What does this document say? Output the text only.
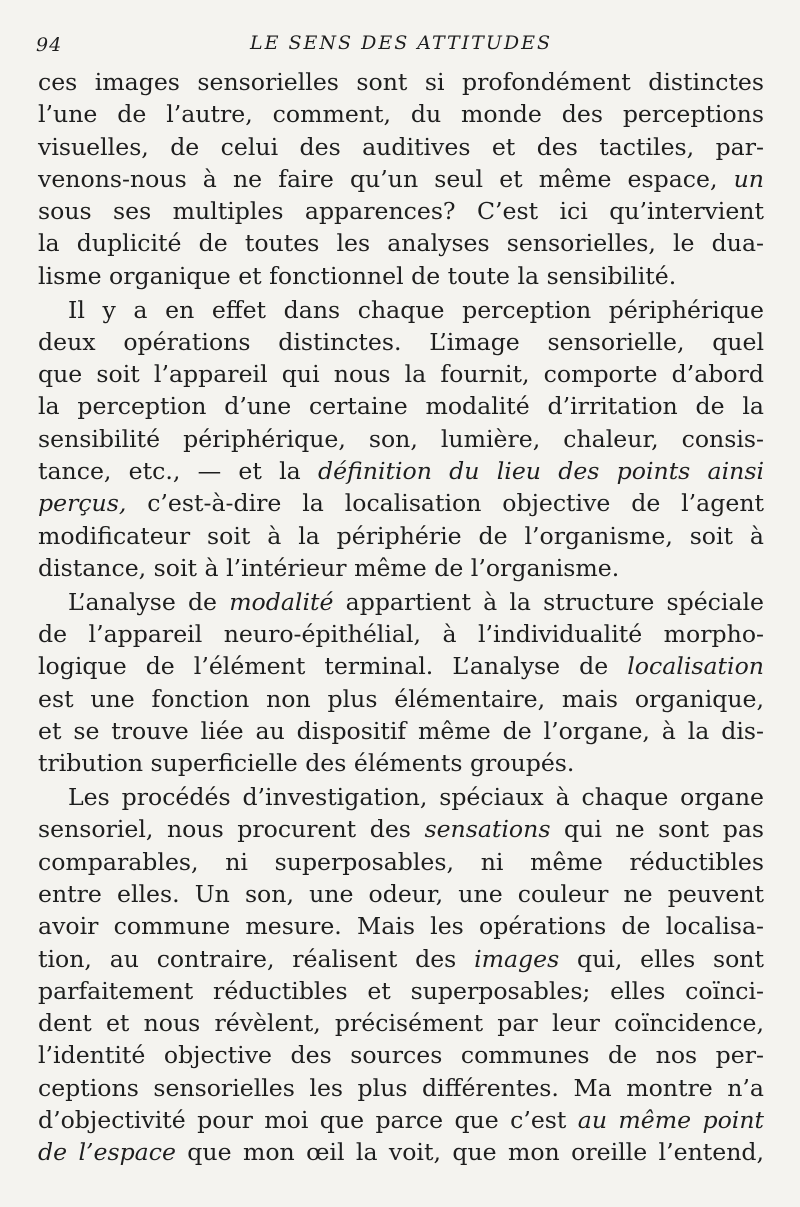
94	LE SENS DES ATTITUDES
ces images sensorielles sont si profondément distinctes
l’une de l’autre, comment, du monde des perceptions
visuelles, de celui des auditives et des tactiles, par-
venons-nous à ne faire qu’un seul et même espace, un
sous ses multiples apparences? C’est ici qu’intervient
la duplicité de toutes les analyses sensorielles, le dua-
lisme organique et fonctionnel de toute la sensibilité.
Il y a en effet dans chaque perception périphérique
deux opérations distinctes. L’image sensorielle, quel
que soit l’appareil qui nous la fournit, comporte d’abord
la perception d’une certaine modalité d’irritation de la
sensibilité périphérique, son, lumière, chaleur, consis-
tance, etc., — et la définition du lieu des points ainsi
perçus, c’est-à-dire la localisation objective de l’agent
modificateur soit à la périphérie de l’organisme, soit à
distance, soit à l’intérieur même de l’organisme.
L’analyse de modalité appartient à la structure spéciale
de l’appareil neuro-épithélial, à l’individualité morpho-
logique de l’élément terminal. L’analyse de localisation
est une fonction non plus élémentaire, mais organique,
et se trouve liée au dispositif même de l’organe, à la dis-
tribution superficielle des éléments groupés.
Les procédés d’investigation, spéciaux à chaque organe
sensoriel, nous procurent des sensations qui ne sont pas
comparables, ni superposables, ni même réductibles
entre elles. Un son, une odeur, une couleur ne peuvent
avoir commune mesure. Mais les opérations de localisa-
tion, au contraire, réalisent des images qui, elles sont
parfaitement réductibles et superposables; elles coïnci-
dent et nous révèlent, précisément par leur coïncidence,
l’identité objective des sources communes de nos per-
ceptions sensorielles les plus différentes. Ma montre n’a
d’objectivité pour moi que parce que c’est au même point
de l’espace que mon œil la voit, que mon oreille l’entend,
